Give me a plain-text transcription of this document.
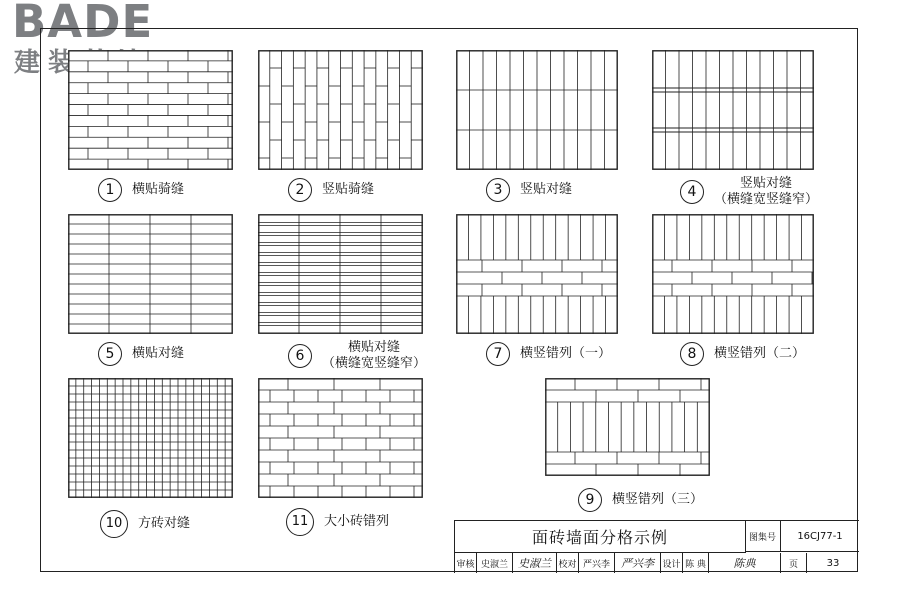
BADE
建装基地
1	横贴骑缝	2	竖贴骑缝	3	竖贴对缝	4
竖贴对缝
（横缝宽竖缝窄）
5	横贴对缝	6
横贴对缝
（横缝宽竖缝窄）
7	横竖错列（一）	8	横竖错列（二）
9	横竖错列（三）
10	方砖对缝	11	大小砖错列
面砖墙面分格示例	图集号	16CJ77-1
审核 史淑兰 史淑兰 校对 严兴李	严兴李 设计 陈 典	陈典	页	33
